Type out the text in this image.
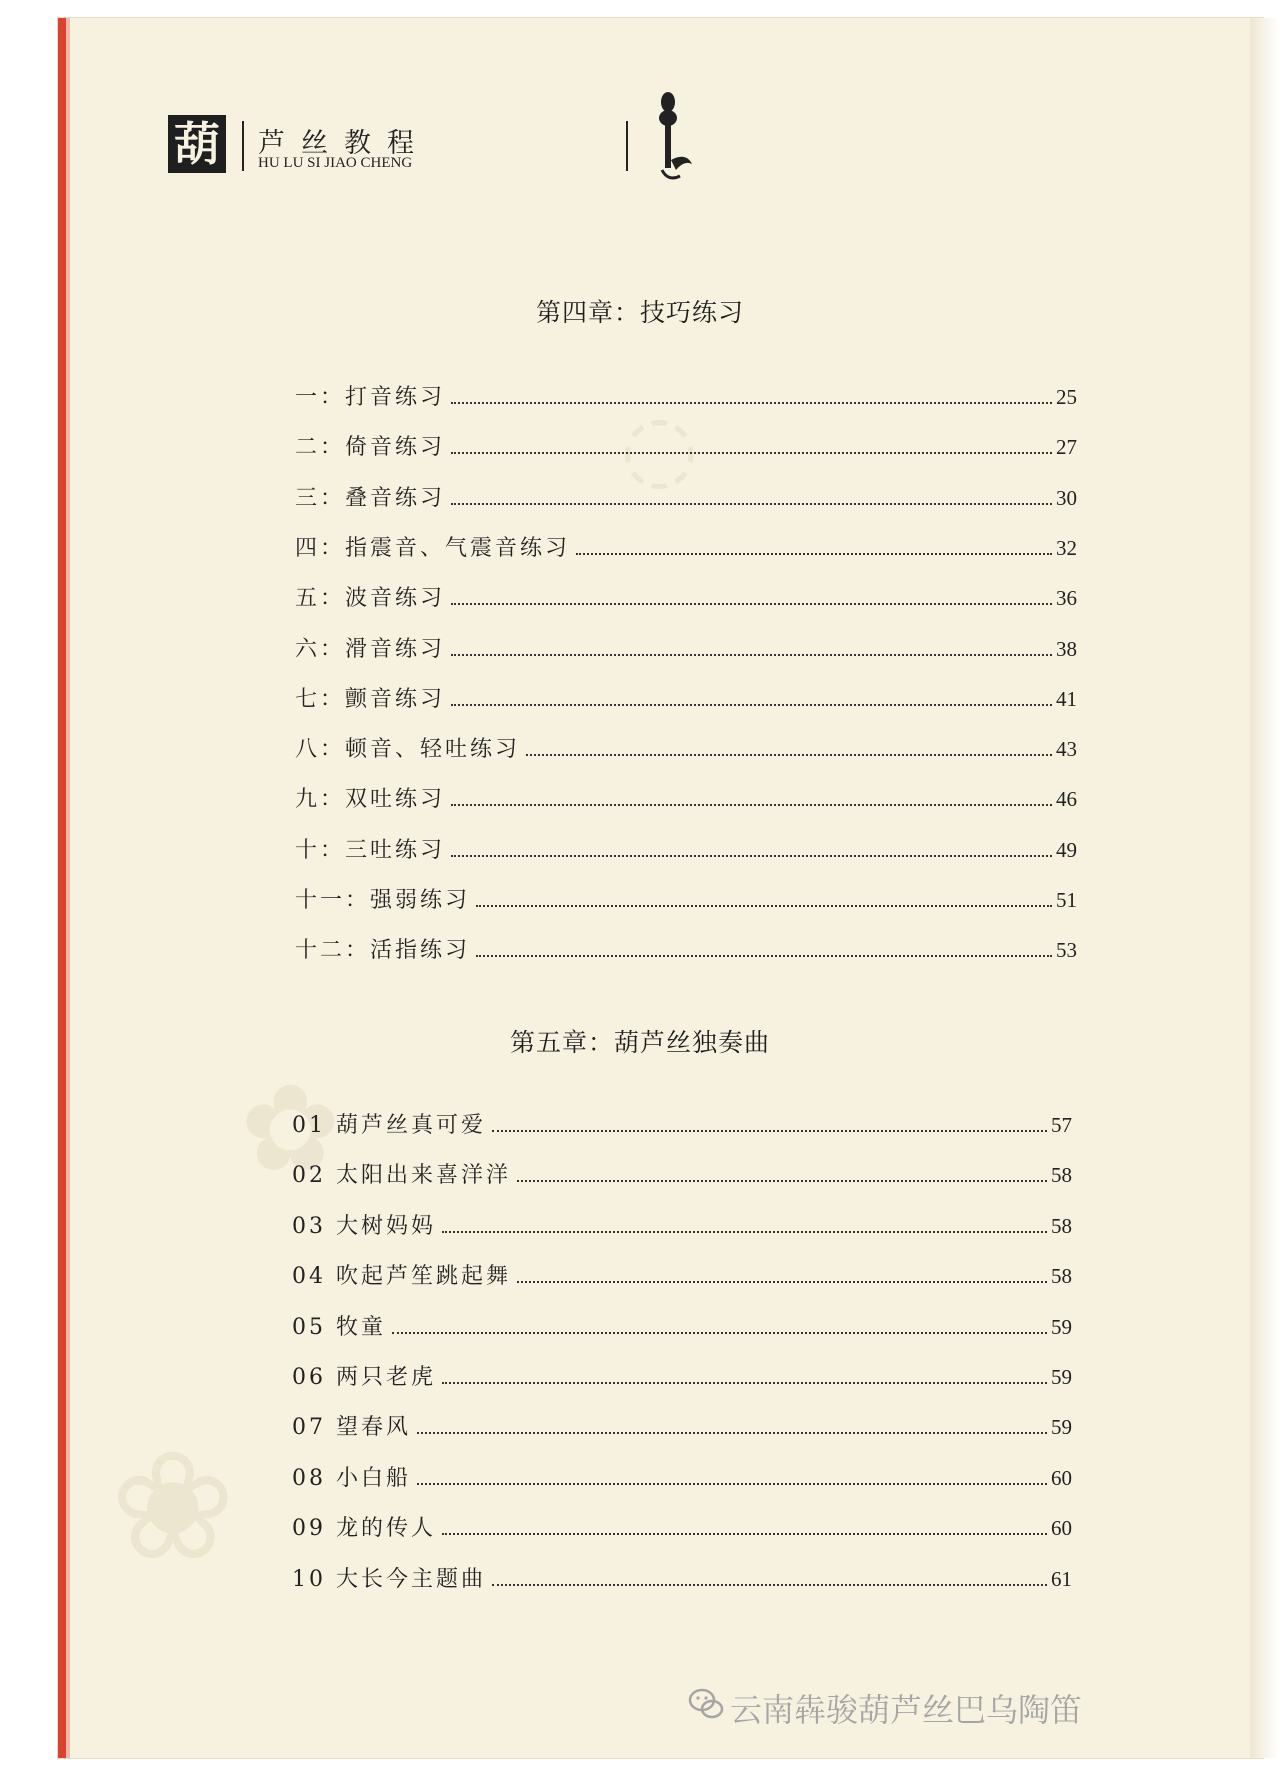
◌
✿
❀
葫 芦丝教程
HU LU SI JIAO CHENG
第四章：技巧练习
一：打音练习	25
二：倚音练习	27
三：叠音练习	30
四：指震音、气震音练习	32
五：波音练习	36
六：滑音练习	38
七：颤音练习	41
八：顿音、轻吐练习	43
九：双吐练习	46
十：三吐练习	49
十一：强弱练习	51
十二：活指练习	53
第五章：葫芦丝独奏曲
01 葫芦丝真可爱	57
02 太阳出来喜洋洋	58
03 大树妈妈	58
04 吹起芦笙跳起舞	58
05 牧童	59
06 两只老虎	59
07 望春风	59
08 小白船	60
09 龙的传人	60
10 大长今主题曲	61
云南犇骏葫芦丝巴乌陶笛
